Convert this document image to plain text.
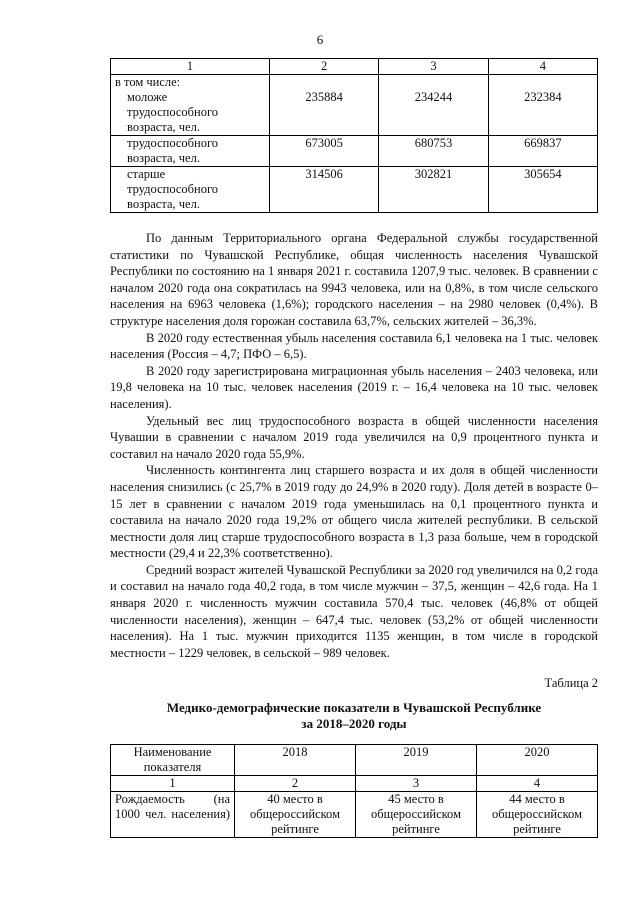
6
1	2	3	4
в том числе:			
моложе
трудоспособного
возраста, чел.	235884	234244	232384
трудоспособного
возраста, чел.	673005	680753	669837
старше
трудоспособного
возраста, чел.	314506	302821	305654

По данным Территориального органа Федеральной службы государственной статистики по Чувашской Республике, общая численность населения Чувашской Республики по состоянию на 1 января 2021 г. составила 1207,9 тыс. человек. В сравнении с началом 2020 года она сократилась на 9943 человека, или на 0,8%, в том числе сельского населения на 6963 человека (1,6%); городского населения – на 2980 человек (0,4%). В структуре населения доля горожан составила 63,7%, сельских жителей – 36,3%.

В 2020 году естественная убыль населения составила 6,1 человека на 1 тыс. человек населения (Россия – 4,7; ПФО – 6,5).

В 2020 году зарегистрирована миграционная убыль населения – 2403 человека, или 19,8 человека на 10 тыс. человек населения (2019 г. – 16,4 человека на 10 тыс. человек населения).

Удельный вес лиц трудоспособного возраста в общей численности населения Чувашии в сравнении с началом 2019 года увеличился на 0,9 процентного пункта и составил на начало 2020 года 55,9%.

Численность контингента лиц старшего возраста и их доля в общей численности населения снизились (с 25,7% в 2019 году до 24,9% в 2020 году). Доля детей в возрасте 0–15 лет в сравнении с началом 2019 года уменьшилась на 0,1 процентного пункта и составила на начало 2020 года 19,2% от общего числа жителей республики. В сельской местности доля лиц старше трудоспособного возраста в 1,3 раза больше, чем в городской местности (29,4 и 22,3% соответственно).

Средний возраст жителей Чувашской Республики за 2020 год увеличился на 0,2 года и составил на начало года 40,2 года, в том числе мужчин – 37,5, женщин – 42,6 года. На 1 января 2020 г. численность мужчин составила 570,4 тыс. человек (46,8% от общей численности населения), женщин – 647,4 тыс. человек (53,2% от общей численности населения). На 1 тыс. мужчин приходится 1135 женщин, в том числе в городской местности – 1229 человек, в сельской – 989 человек.

Таблица 2
Медико-демографические показатели в Чувашской Республике
за 2018–2020 годы
Наименование показателя	2018	2019	2020
1	2	3	4
Рождаемость (на 1000 чел. населения)	40 место в общероссийском рейтинге	45 место в общероссийском рейтинге	44 место в общероссийском рейтинге
